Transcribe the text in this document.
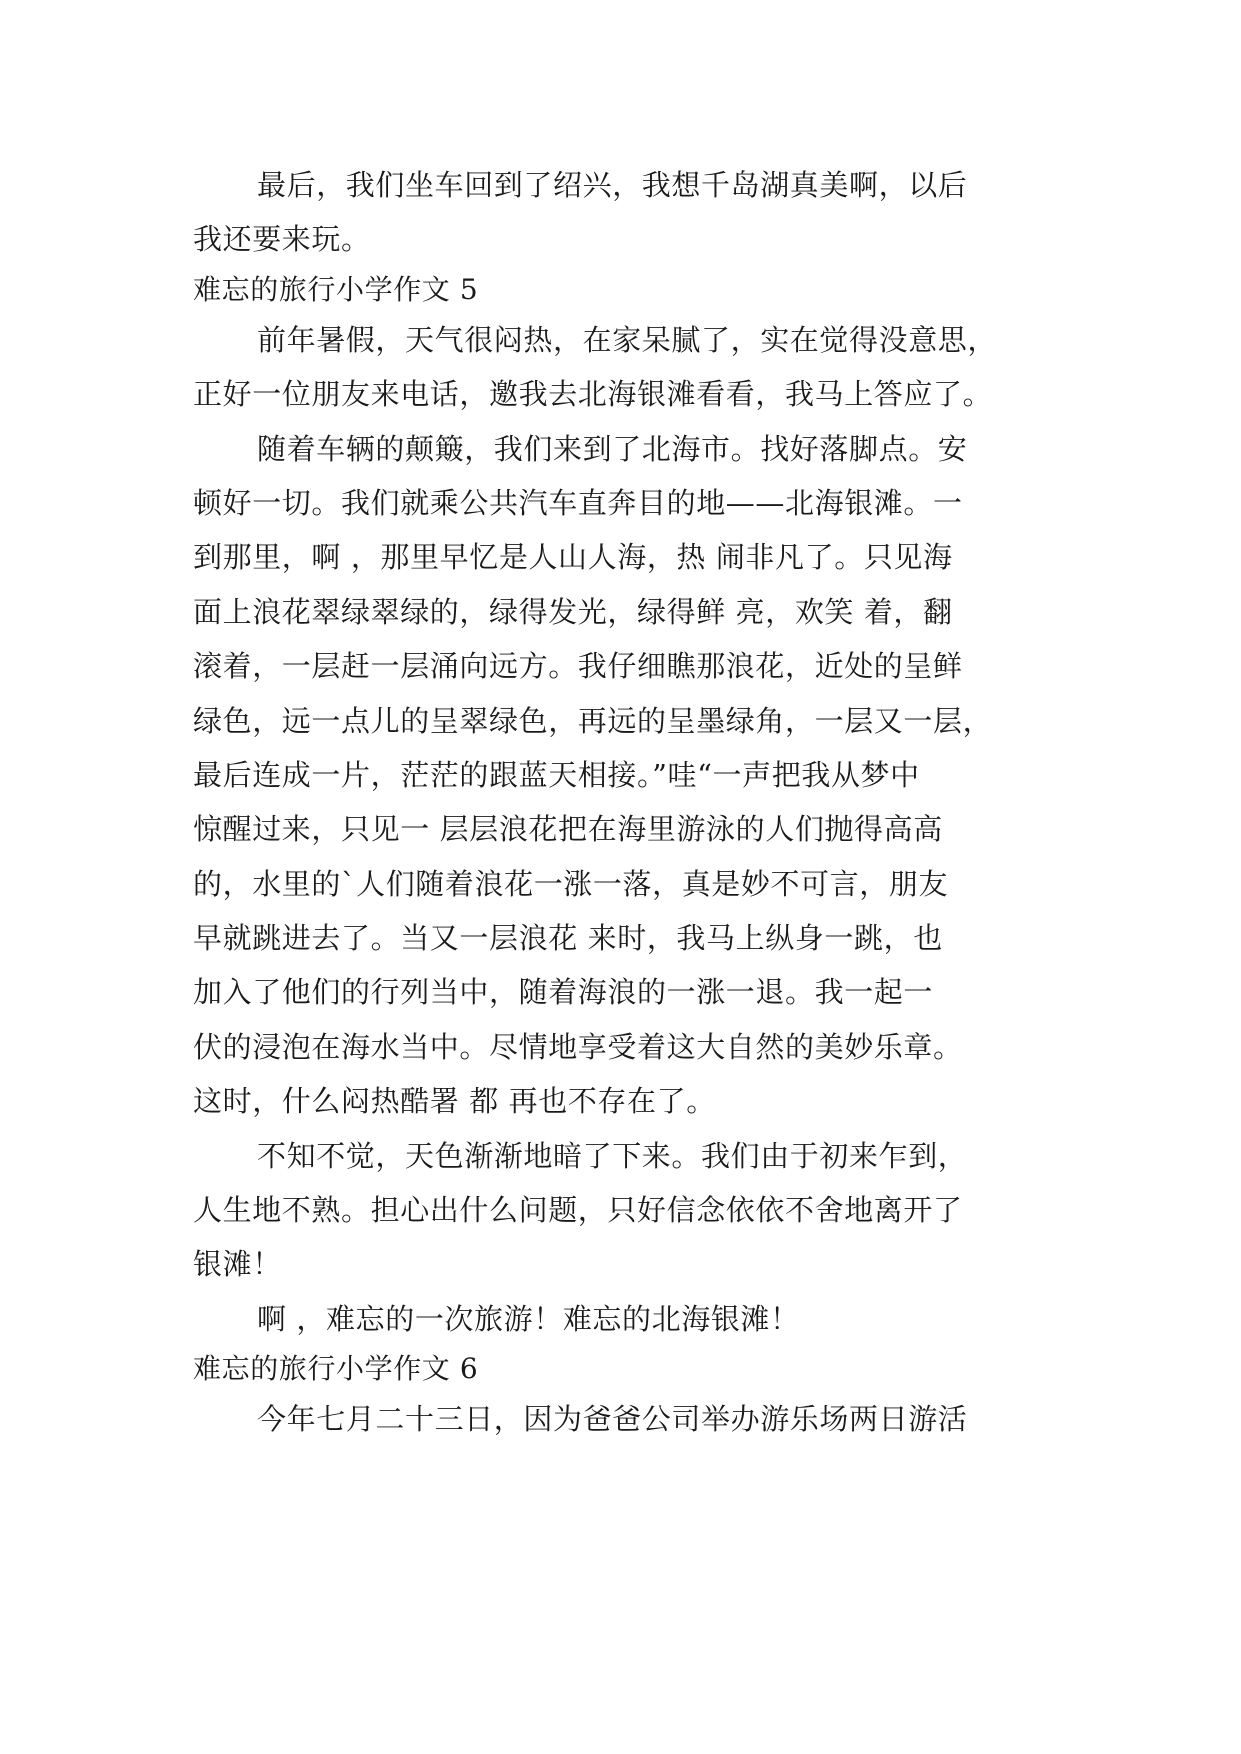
最后，我们坐车回到了绍兴，我想千岛湖真美啊，以后
我还要来玩。
难忘的旅行小学作文 5
前年暑假，天气很闷热，在家呆腻了，实在觉得没意思，
正好一位朋友来电话，邀我去北海银滩看看，我马上答应了。
随着车辆的颠簸，我们来到了北海市。找好落脚点。安
顿好一切。我们就乘公共汽车直奔目的地——北海银滩。一
到那里，啊 ，那里早忆是人山人海，热 闹非凡了。只见海
面上浪花翠绿翠绿的，绿得发光，绿得鲜 亮，欢笑 着，翻
滚着，一层赶一层涌向远方。我仔细瞧那浪花，近处的呈鲜
绿色，远一点儿的呈翠绿色，再远的呈墨绿角，一层又一层，
最后连成一片，茫茫的跟蓝天相接。”哇“一声把我从梦中
惊醒过来，只见一 层层浪花把在海里游泳的人们抛得高高
的，水里的`人们随着浪花一涨一落，真是妙不可言，朋友
早就跳进去了。当又一层浪花 来时，我马上纵身一跳，也
加入了他们的行列当中，随着海浪的一涨一退。我一起一
伏的浸泡在海水当中。尽情地享受着这大自然的美妙乐章。
这时，什么闷热酷署 都 再也不存在了。
不知不觉，天色渐渐地暗了下来。我们由于初来乍到，
人生地不熟。担心出什么问题，只好信念依依不舍地离开了
银滩！
啊 ，难忘的一次旅游！难忘的北海银滩！
难忘的旅行小学作文 6
今年七月二十三日，因为爸爸公司举办游乐场两日游活
